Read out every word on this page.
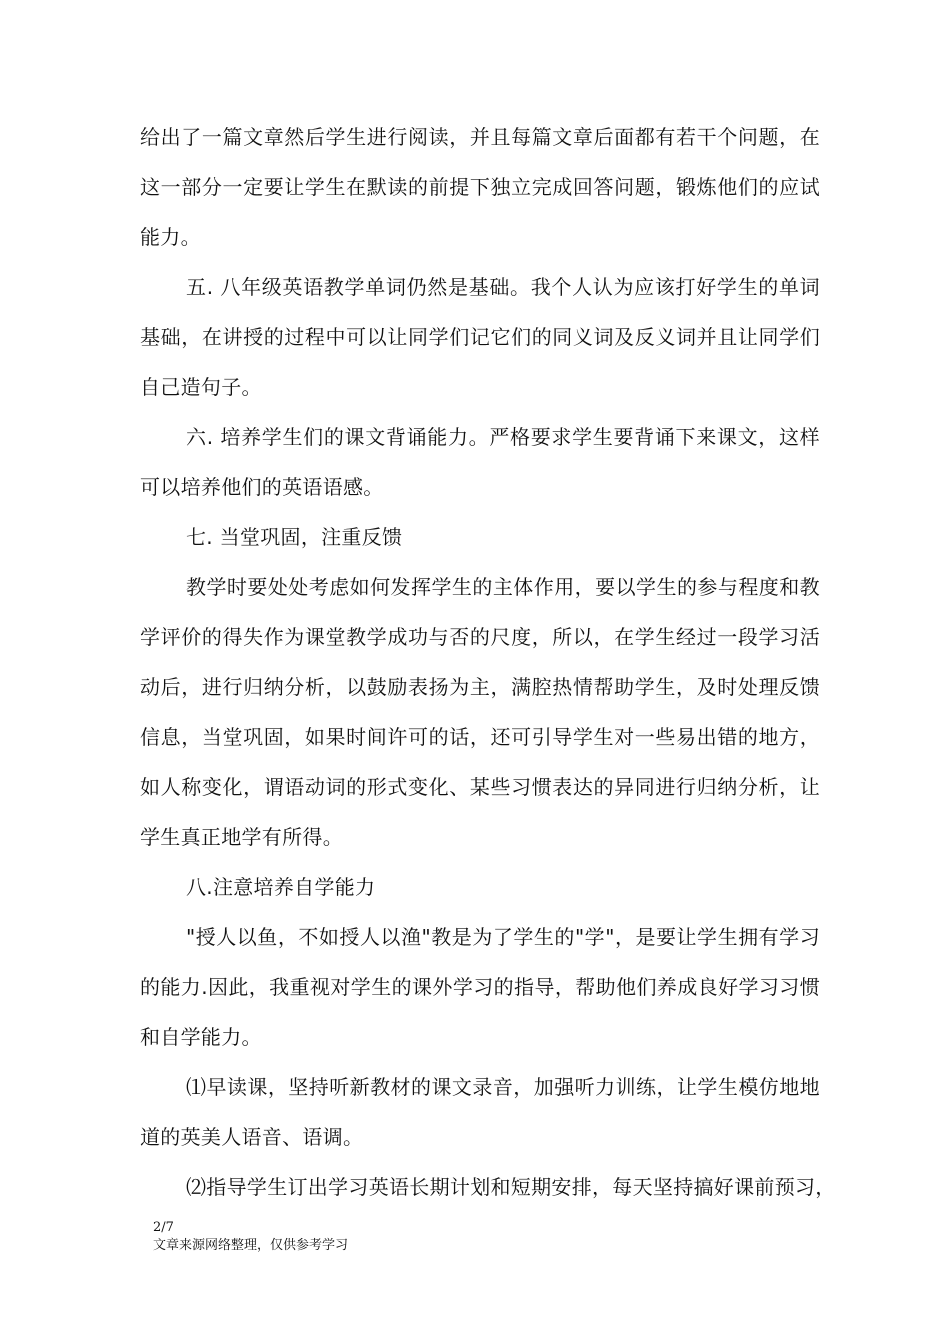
给出了一篇文章然后学生进行阅读，并且每篇文章后面都有若干个问题，在
这一部分一定要让学生在默读的前提下独立完成回答问题，锻炼他们的应试
能力。
五. 八年级英语教学单词仍然是基础。我个人认为应该打好学生的单词
基础，在讲授的过程中可以让同学们记它们的同义词及反义词并且让同学们
自己造句子。
六. 培养学生们的课文背诵能力。严格要求学生要背诵下来课文，这样
可以培养他们的英语语感。
七. 当堂巩固，注重反馈
教学时要处处考虑如何发挥学生的主体作用，要以学生的参与程度和教
学评价的得失作为课堂教学成功与否的尺度，所以，在学生经过一段学习活
动后，进行归纳分析，以鼓励表扬为主，满腔热情帮助学生，及时处理反馈
信息，当堂巩固，如果时间许可的话，还可引导学生对一些易出错的地方，
如人称变化，谓语动词的形式变化、某些习惯表达的异同进行归纳分析，让
学生真正地学有所得。
八.注意培养自学能力
"授人以鱼，不如授人以渔"教是为了学生的"学"，是要让学生拥有学习
的能力.因此，我重视对学生的课外学习的指导，帮助他们养成良好学习习惯
和自学能力。
⑴早读课，坚持听新教材的课文录音，加强听力训练，让学生模仿地地
道的英美人语音、语调。
⑵指导学生订出学习英语长期计划和短期安排，每天坚持搞好课前预习，
2/7
文章来源网络整理，仅供参考学习
